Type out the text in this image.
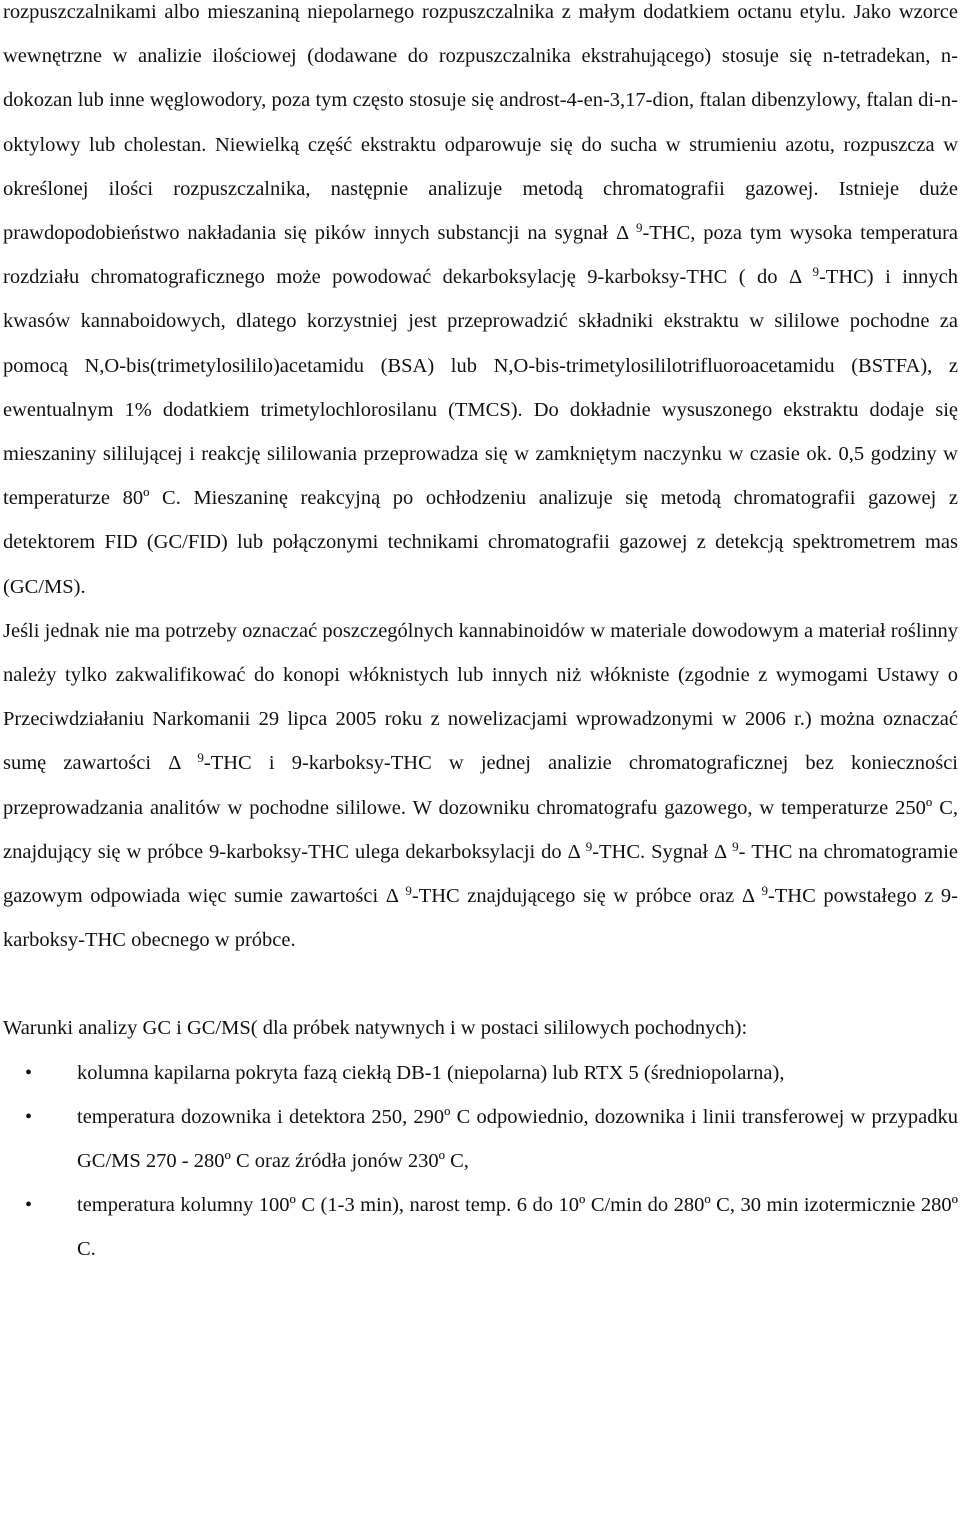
rozpuszczalnikami albo mieszaniną niepolarnego rozpuszczalnika z małym dodatkiem octanu etylu. Jako wzorce wewnętrzne w analizie ilościowej (dodawane do rozpuszczalnika ekstrahującego) stosuje się n-tetradekan, n-dokozan lub inne węglowodory, poza tym często stosuje się androst-4-en-3,17-dion, ftalan dibenzylowy, ftalan di-n-oktylowy lub cholestan. Niewielką część ekstraktu odparowuje się do sucha w strumieniu azotu, rozpuszcza w określonej ilości rozpuszczalnika, następnie analizuje metodą chromatografii gazowej. Istnieje duże prawdopodobieństwo nakładania się pików innych substancji na sygnał Δ $^9$-THC, poza tym wysoka temperatura rozdziału chromatograficznego może powodować dekarboksylację 9-karboksy-THC ( do Δ $^9$-THC) i innych kwasów kannaboidowych, dlatego korzystniej jest przeprowadzić składniki ekstraktu w sililowe pochodne za pomocą N,O-bis(trimetylosililo)acetamidu (BSA) lub N,O-bis-trimetylosililotrifluoroacetamidu (BSTFA), z ewentualnym 1% dodatkiem trimetylochlorosilanu (TMCS). Do dokładnie wysuszonego ekstraktu dodaje się mieszaniny sililującej i reakcję sililowania przeprowadza się w zamkniętym naczynku w czasie ok. 0,5 godziny w temperaturze 80º C. Mieszaninę reakcyjną po ochłodzeniu analizuje się metodą chromatografii gazowej z detektorem FID (GC/FID) lub połączonymi technikami chromatografii gazowej z detekcją spektrometrem mas (GC/MS).

Jeśli jednak nie ma potrzeby oznaczać poszczególnych kannabinoidów w materiale dowodowym a materiał roślinny należy tylko zakwalifikować do konopi włóknistych lub innych niż włókniste (zgodnie z wymogami Ustawy o Przeciwdziałaniu Narkomanii 29 lipca 2005 roku z nowelizacjami wprowadzonymi w 2006 r.) można oznaczać sumę zawartości Δ $^9$-THC i 9-karboksy-THC w jednej analizie chromatograficznej bez konieczności przeprowadzania analitów w pochodne sililowe. W dozowniku chromatografu gazowego, w temperaturze 250º C, znajdujący się w próbce 9-karboksy-THC ulega dekarboksylacji do Δ $^9$-THC. Sygnał Δ $^9$- THC na chromatogramie gazowym odpowiada więc sumie zawartości Δ $^9$-THC znajdującego się w próbce oraz Δ $^9$-THC powstałego z 9-karboksy-THC obecnego w próbce.

Warunki analizy GC i GC/MS( dla próbek natywnych i w postaci sililowych pochodnych):

• kolumna kapilarna pokryta fazą ciekłą DB-1 (niepolarna) lub RTX 5 (średniopolarna),
• temperatura dozownika i detektora 250, 290º C odpowiednio, dozownika i linii transferowej w przypadku GC/MS 270 - 280º C oraz źródła jonów 230º C,
• temperatura kolumny 100º C (1-3 min), narost temp. 6 do 10º C/min do 280º C, 30 min izotermicznie 280º C.
